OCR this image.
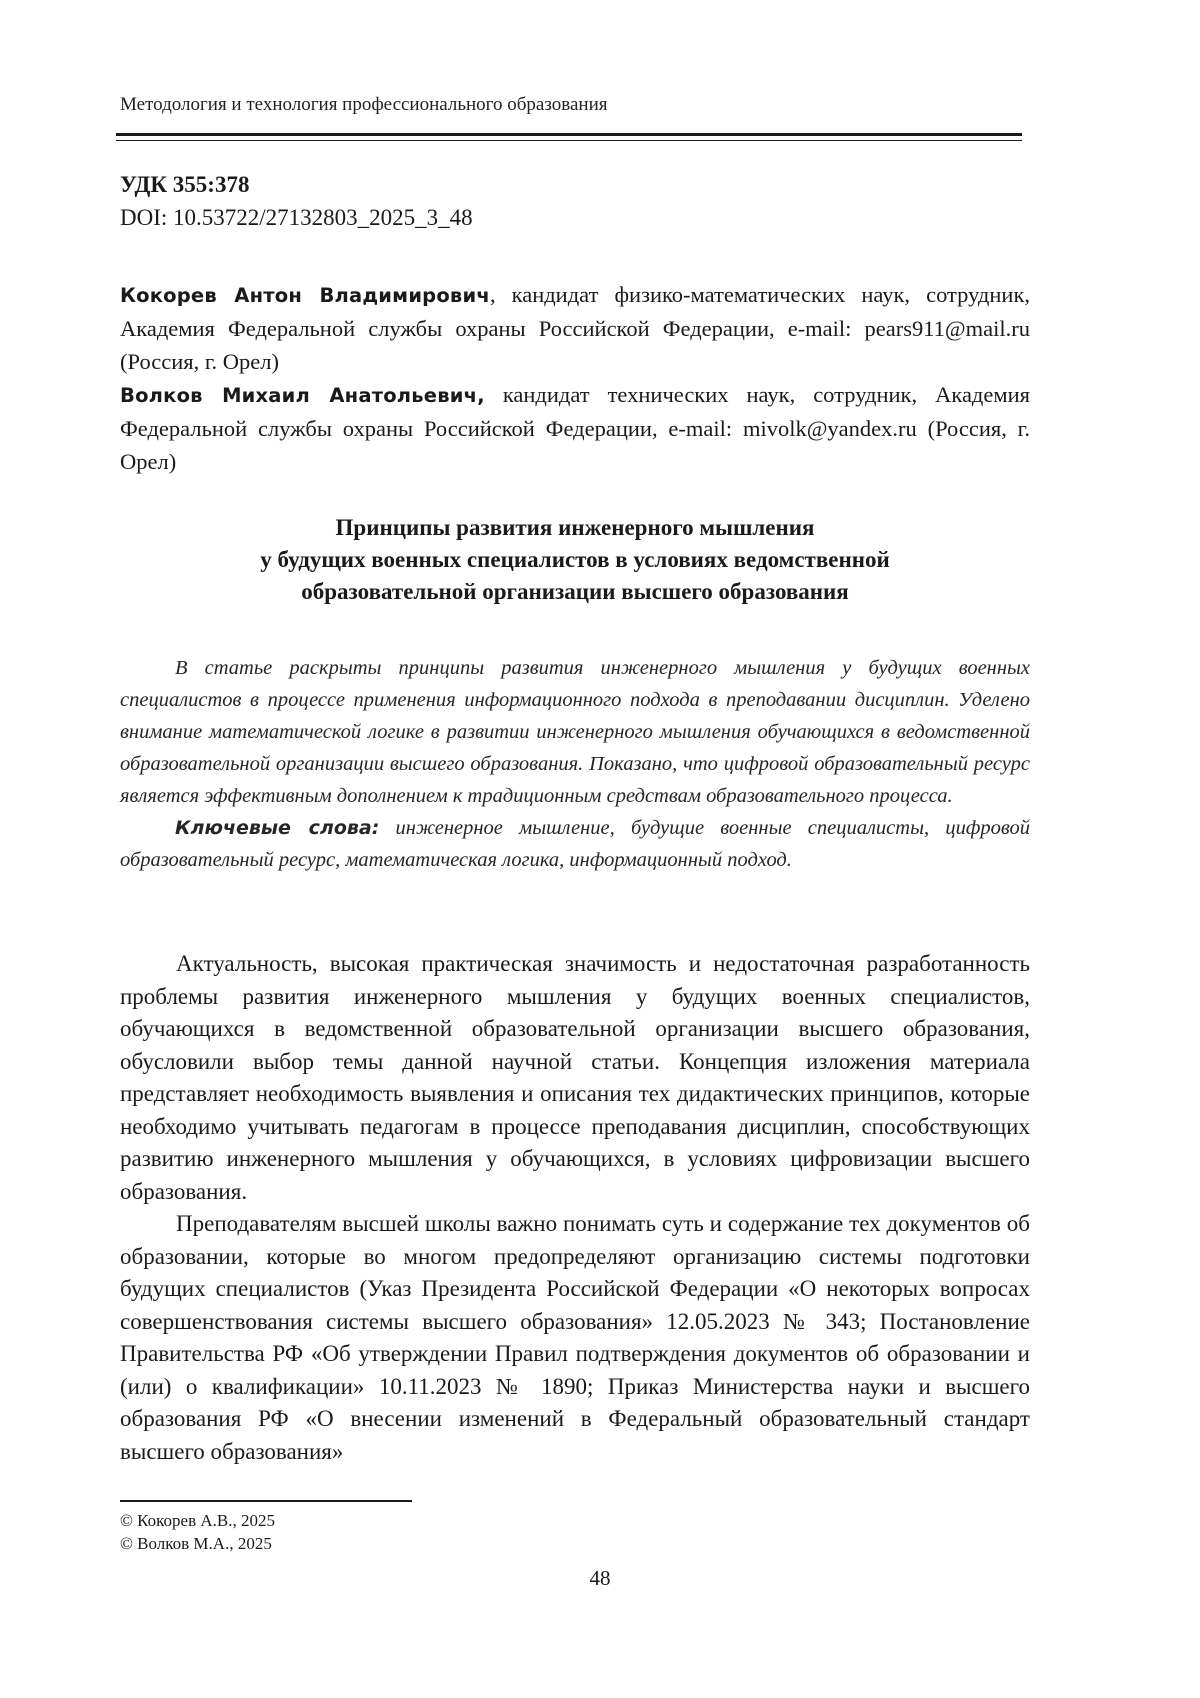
Методология и технология профессионального образования
УДК 355:378
DOI: 10.53722/27132803_2025_3_48
Кокорев Антон Владимирович, кандидат физико-математических наук, сотрудник, Академия Федеральной службы охраны Российской Федерации, e-mail: pears911@mail.ru (Россия, г. Орел)
Волков Михаил Анатольевич, кандидат технических наук, сотрудник, Академия Федеральной службы охраны Российской Федерации, e-mail: mivolk@yandex.ru (Россия, г. Орел)
Принципы развития инженерного мышления
у будущих военных специалистов в условиях ведомственной
образовательной организации высшего образования

В статье раскрыты принципы развития инженерного мышления у будущих военных специалистов в процессе применения информационного подхода в преподавании дисциплин. Уделено внимание математической логике в развитии инженерного мышления обучающихся в ведомственной образовательной организации высшего образования. Показано, что цифровой образовательный ресурс является эффективным дополнением к традиционным средствам образовательного процесса.

Ключевые слова: инженерное мышление, будущие военные специалисты, цифровой образовательный ресурс, математическая логика, информационный подход.

Актуальность, высокая практическая значимость и недостаточная разработанность проблемы развития инженерного мышления у будущих военных специалистов, обучающихся в ведомственной образовательной организации высшего образования, обусловили выбор темы данной научной статьи. Концепция изложения материала представляет необходимость выявления и описания тех дидактических принципов, которые необходимо учитывать педагогам в процессе преподавания дисциплин, способствующих развитию инженерного мышления у обучающихся, в условиях цифровизации высшего образования.

Преподавателям высшей школы важно понимать суть и содержание тех документов об образовании, которые во многом предопределяют организацию системы подготовки будущих специалистов (Указ Президента Российской Федерации «О некоторых вопросах совершенствования системы высшего образования» 12.05.2023 № 343; Постановление Правительства РФ «Об утверждении Правил подтверждения документов об образовании и (или) о квалификации» 10.11.2023 № 1890; Приказ Министерства науки и высшего образования РФ «О внесении изменений в Федеральный образовательный стандарт высшего образования»

© Кокорев А.В., 2025
© Волков М.А., 2025
48
